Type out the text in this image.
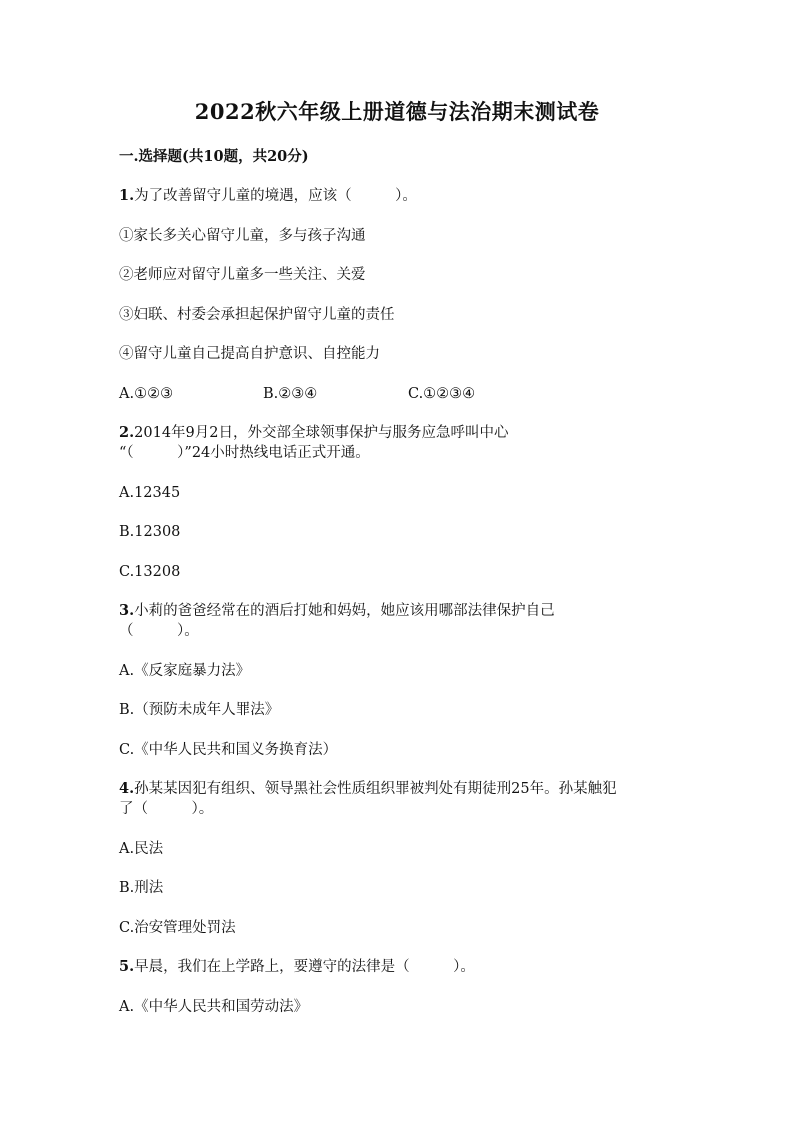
2022秋六年级上册道德与法治期末测试卷
一.选择题(共10题，共20分)
1.为了改善留守儿童的境遇，应该（　　　）。
①家长多关心留守儿童，多与孩子沟通
②老师应对留守儿童多一些关注、关爱
③妇联、村委会承担起保护留守儿童的责任
④留守儿童自己提高自护意识、自控能力
A.①②③	B.②③④	C.①②③④
2.2014年9月2日，外交部全球领事保护与服务应急呼叫中心
“（　　　）”24小时热线电话正式开通。
A.12345
B.12308
C.13208
3.小莉的爸爸经常在的酒后打她和妈妈，她应该用哪部法律保护自己
（　　　）。
A.《反家庭暴力法》
B.（预防未成年人罪法》
C.《中华人民共和国义务换育法）
4.孙某某因犯有组织、领导黑社会性质组织罪被判处有期徒刑25年。孙某触犯
了（　　　）。
A.民法
B.刑法
C.治安管理处罚法
5.早晨，我们在上学路上，要遵守的法律是（　　　）。
A.《中华人民共和国劳动法》
